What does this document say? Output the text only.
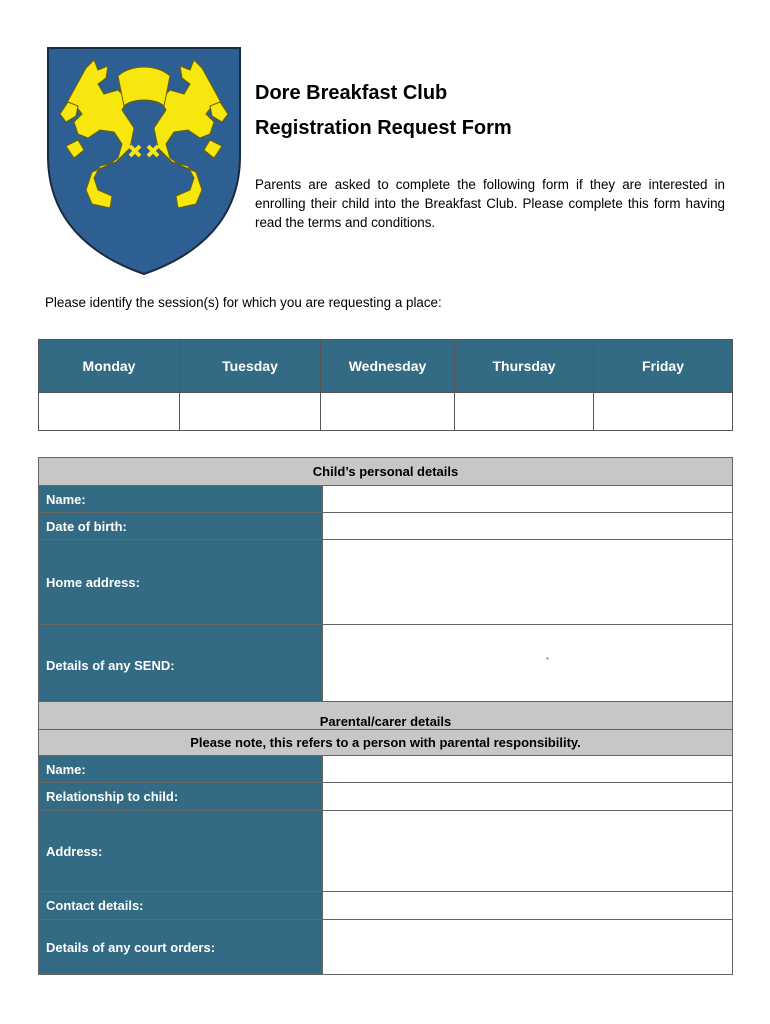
Dore Breakfast Club
Registration Request Form
Parents are asked to complete the following form if they are interested in enrolling their child into the Breakfast Club. Please complete this form having read the terms and conditions.
Please identify the session(s) for which you are requesting a place:
Monday	Tuesday	Wednesday	Thursday	Friday

Child’s personal details	
Name:	
Date of birth:	
Home address:	
Details of any SEND:	`

Parental/carer details	
Please note, this refers to a person with parental responsibility.	
Name:	
Relationship to child:	
Address:	
Contact details:	
Details of any court orders:	
